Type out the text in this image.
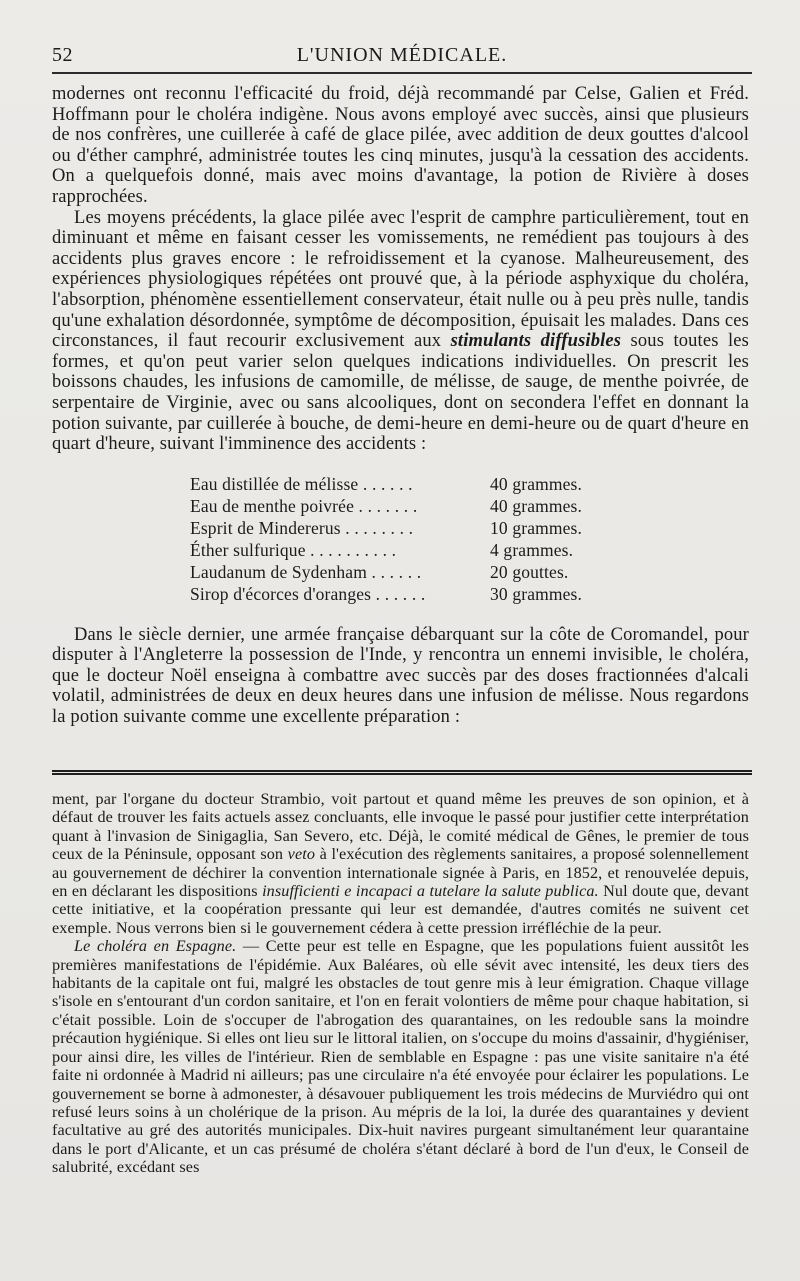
52	L'UNION MÉDICALE.

modernes ont reconnu l'efficacité du froid, déjà recommandé par Celse, Galien et Fréd. Hoffmann pour le choléra indigène. Nous avons employé avec succès, ainsi que plusieurs de nos confrères, une cuillerée à café de glace pilée, avec addition de deux gouttes d'alcool ou d'éther camphré, administrée toutes les cinq minutes, jusqu'à la cessation des accidents. On a quelquefois donné, mais avec moins d'avantage, la potion de Rivière à doses rapprochées.

Les moyens précédents, la glace pilée avec l'esprit de camphre particulièrement, tout en diminuant et même en faisant cesser les vomissements, ne remédient pas toujours à des accidents plus graves encore : le refroidissement et la cyanose. Malheureusement, des expériences physiologiques répétées ont prouvé que, à la période asphyxique du choléra, l'absorption, phénomène essentiellement conservateur, était nulle ou à peu près nulle, tandis qu'une exhalation désordonnée, symptôme de décomposition, épuisait les malades. Dans ces circonstances, il faut recourir exclusivement aux stimulants diffusibles sous toutes les formes, et qu'on peut varier selon quelques indications individuelles. On prescrit les boissons chaudes, les infusions de camomille, de mélisse, de sauge, de menthe poivrée, de serpentaire de Virginie, avec ou sans alcooliques, dont on secondera l'effet en donnant la potion suivante, par cuillerée à bouche, de demi-heure en demi-heure ou de quart d'heure en quart d'heure, suivant l'imminence des accidents :

Eau distillée de mélisse . . . . . .	40 grammes.
Eau de menthe poivrée . . . . . . .	40 grammes.
Esprit de Mindererus . . . . . . . .	10 grammes.
Éther sulfurique . . . . . . . . . .	4 grammes.
Laudanum de Sydenham . . . . . .	20 gouttes.
Sirop d'écorces d'oranges . . . . . .	30 grammes.

Dans le siècle dernier, une armée française débarquant sur la côte de Coromandel, pour disputer à l'Angleterre la possession de l'Inde, y rencontra un ennemi invisible, le choléra, que le docteur Noël enseigna à combattre avec succès par des doses fractionnées d'alcali volatil, administrées de deux en deux heures dans une infusion de mélisse. Nous regardons la potion suivante comme une excellente préparation :

ment, par l'organe du docteur Strambio, voit partout et quand même les preuves de son opinion, et à défaut de trouver les faits actuels assez concluants, elle invoque le passé pour justifier cette interprétation quant à l'invasion de Sinigaglia, San Severo, etc. Déjà, le comité médical de Gênes, le premier de tous ceux de la Péninsule, opposant son veto à l'exécution des règlements sanitaires, a proposé solennellement au gouvernement de déchirer la convention internationale signée à Paris, en 1852, et renouvelée depuis, en en déclarant les dispositions insufficienti e incapaci a tutelare la salute publica. Nul doute que, devant cette initiative, et la coopération pressante qui leur est demandée, d'autres comités ne suivent cet exemple. Nous verrons bien si le gouvernement cédera à cette pression irréfléchie de la peur.

Le choléra en Espagne. — Cette peur est telle en Espagne, que les populations fuient aussitôt les premières manifestations de l'épidémie. Aux Baléares, où elle sévit avec intensité, les deux tiers des habitants de la capitale ont fui, malgré les obstacles de tout genre mis à leur émigration. Chaque village s'isole en s'entourant d'un cordon sanitaire, et l'on en ferait volontiers de même pour chaque habitation, si c'était possible. Loin de s'occuper de l'abrogation des quarantaines, on les redouble sans la moindre précaution hygiénique. Si elles ont lieu sur le littoral italien, on s'occupe du moins d'assainir, d'hygiéniser, pour ainsi dire, les villes de l'intérieur. Rien de semblable en Espagne : pas une visite sanitaire n'a été faite ni ordonnée à Madrid ni ailleurs; pas une circulaire n'a été envoyée pour éclairer les populations. Le gouvernement se borne à admonester, à désavouer publiquement les trois médecins de Murviédro qui ont refusé leurs soins à un cholérique de la prison. Au mépris de la loi, la durée des quarantaines y devient facultative au gré des autorités municipales. Dix-huit navires purgeant simultanément leur quarantaine dans le port d'Alicante, et un cas présumé de choléra s'étant déclaré à bord de l'un d'eux, le Conseil de salubrité, excédant ses
